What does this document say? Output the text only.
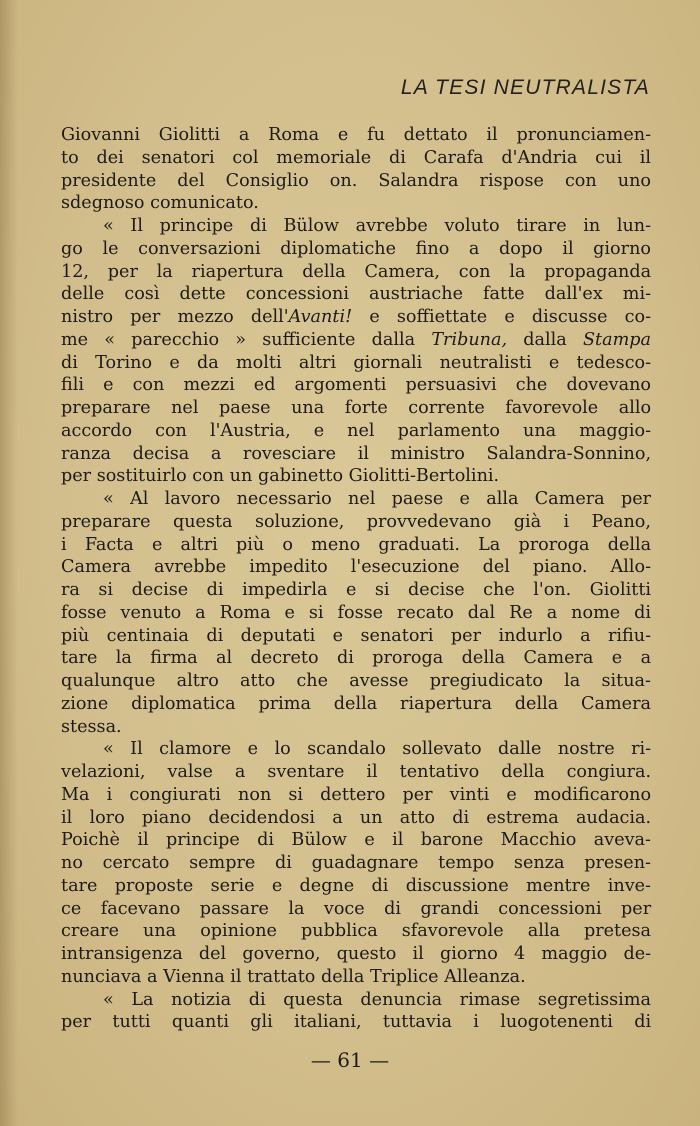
LA TESI NEUTRALISTA
Giovanni Giolitti a Roma e fu dettato il pronunciamen-
to dei senatori col memoriale di Carafa d'Andria cui il
presidente del Consiglio on. Salandra rispose con uno
sdegnoso comunicato.
« Il principe di Bülow avrebbe voluto tirare in lun-
go le conversazioni diplomatiche fino a dopo il giorno
12, per la riapertura della Camera, con la propaganda
delle così dette concessioni austriache fatte dall'ex mi-
nistro per mezzo dell'Avanti! e soffiettate e discusse co-
me « parecchio » sufficiente dalla Tribuna, dalla Stampa
di Torino e da molti altri giornali neutralisti e tedesco-
fili e con mezzi ed argomenti persuasivi che dovevano
preparare nel paese una forte corrente favorevole allo
accordo con l'Austria, e nel parlamento una maggio-
ranza decisa a rovesciare il ministro Salandra-Sonnino,
per sostituirlo con un gabinetto Giolitti-Bertolini.
« Al lavoro necessario nel paese e alla Camera per
preparare questa soluzione, provvedevano già i Peano,
i Facta e altri più o meno graduati. La proroga della
Camera avrebbe impedito l'esecuzione del piano. Allo-
ra si decise di impedirla e si decise che l'on. Giolitti
fosse venuto a Roma e si fosse recato dal Re a nome di
più centinaia di deputati e senatori per indurlo a rifiu-
tare la firma al decreto di proroga della Camera e a
qualunque altro atto che avesse pregiudicato la situa-
zione diplomatica prima della riapertura della Camera
stessa.
« Il clamore e lo scandalo sollevato dalle nostre ri-
velazioni, valse a sventare il tentativo della congiura.
Ma i congiurati non si dettero per vinti e modificarono
il loro piano decidendosi a un atto di estrema audacia.
Poichè il principe di Bülow e il barone Macchio aveva-
no cercato sempre di guadagnare tempo senza presen-
tare proposte serie e degne di discussione mentre inve-
ce facevano passare la voce di grandi concessioni per
creare una opinione pubblica sfavorevole alla pretesa
intransigenza del governo, questo il giorno 4 maggio de-
nunciava a Vienna il trattato della Triplice Alleanza.
« La notizia di questa denuncia rimase segretissima
per tutti quanti gli italiani, tuttavia i luogotenenti di
— 61 —
